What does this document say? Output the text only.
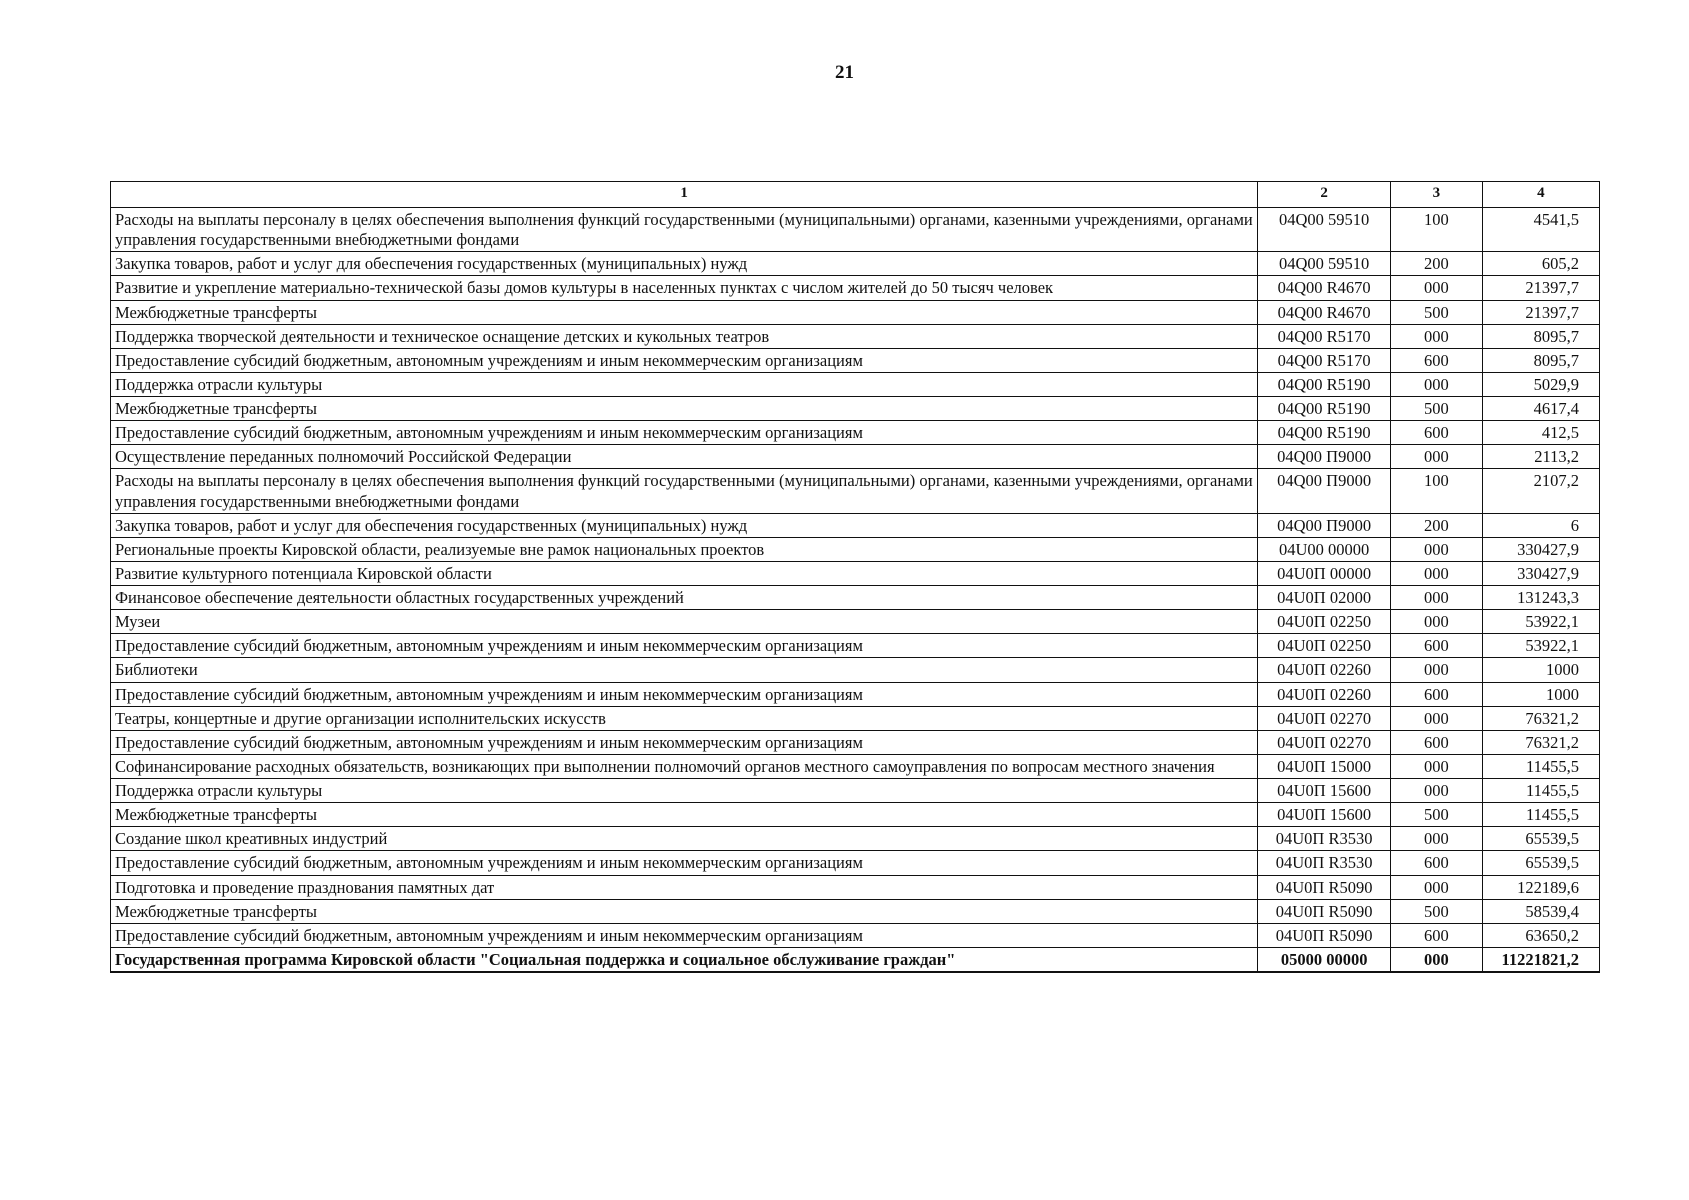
21
1	2	3	4
Расходы на выплаты персоналу в целях обеспечения выполнения функций государственными (муниципальными) органами, казенными учреждениями, органами управления государственными внебюджетными фондами	04Q00 59510	100	4541,5
Закупка товаров, работ и услуг для обеспечения государственных (муниципальных) нужд	04Q00 59510	200	605,2
Развитие и укрепление материально-технической базы домов культуры в населенных пунктах с числом жителей до 50 тысяч человек	04Q00 R4670	000	21397,7
Межбюджетные трансферты	04Q00 R4670	500	21397,7
Поддержка творческой деятельности и техническое оснащение детских и кукольных театров	04Q00 R5170	000	8095,7
Предоставление субсидий бюджетным, автономным учреждениям и иным некоммерческим организациям	04Q00 R5170	600	8095,7
Поддержка отрасли культуры	04Q00 R5190	000	5029,9
Межбюджетные трансферты	04Q00 R5190	500	4617,4
Предоставление субсидий бюджетным, автономным учреждениям и иным некоммерческим организациям	04Q00 R5190	600	412,5
Осуществление переданных полномочий Российской Федерации	04Q00 П9000	000	2113,2
Расходы на выплаты персоналу в целях обеспечения выполнения функций государственными (муниципальными) органами, казенными учреждениями, органами управления государственными внебюджетными фондами	04Q00 П9000	100	2107,2
Закупка товаров, работ и услуг для обеспечения государственных (муниципальных) нужд	04Q00 П9000	200	6
Региональные проекты Кировской области, реализуемые вне рамок национальных проектов	04U00 00000	000	330427,9
Развитие культурного потенциала Кировской области	04U0П 00000	000	330427,9
Финансовое обеспечение деятельности областных государственных учреждений	04U0П 02000	000	131243,3
Музеи	04U0П 02250	000	53922,1
Предоставление субсидий бюджетным, автономным учреждениям и иным некоммерческим организациям	04U0П 02250	600	53922,1
Библиотеки	04U0П 02260	000	1000
Предоставление субсидий бюджетным, автономным учреждениям и иным некоммерческим организациям	04U0П 02260	600	1000
Театры, концертные и другие организации исполнительских искусств	04U0П 02270	000	76321,2
Предоставление субсидий бюджетным, автономным учреждениям и иным некоммерческим организациям	04U0П 02270	600	76321,2
Софинансирование расходных обязательств, возникающих при выполнении полномочий органов местного самоуправления по вопросам местного значения	04U0П 15000	000	11455,5
Поддержка отрасли культуры	04U0П 15600	000	11455,5
Межбюджетные трансферты	04U0П 15600	500	11455,5
Создание школ креативных индустрий	04U0П R3530	000	65539,5
Предоставление субсидий бюджетным, автономным учреждениям и иным некоммерческим организациям	04U0П R3530	600	65539,5
Подготовка и проведение празднования памятных дат	04U0П R5090	000	122189,6
Межбюджетные трансферты	04U0П R5090	500	58539,4
Предоставление субсидий бюджетным, автономным учреждениям и иным некоммерческим организациям	04U0П R5090	600	63650,2
Государственная программа Кировской области "Социальная поддержка и социальное обслуживание граждан"	05000 00000	000	11221821,2
